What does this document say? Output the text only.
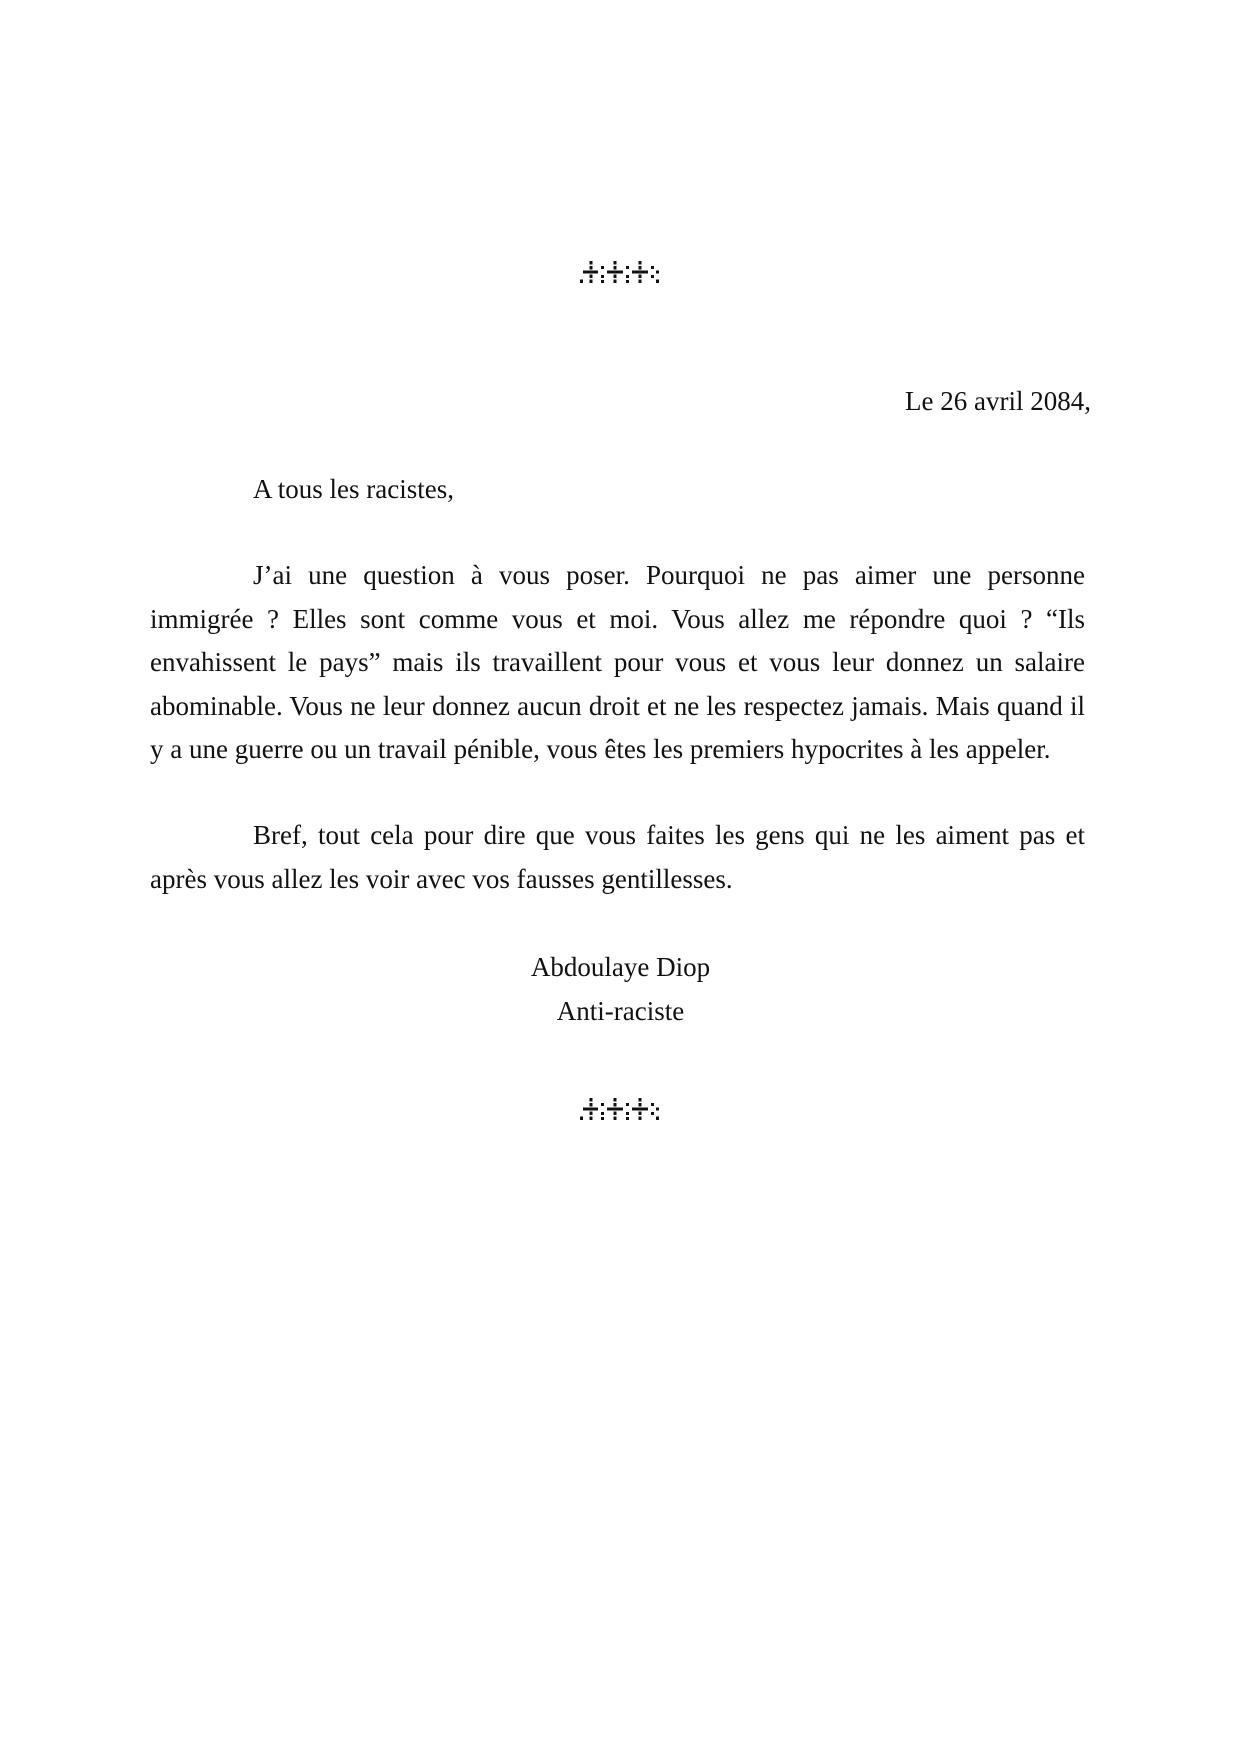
Le 26 avril 2084,
A tous les racistes,

J’ai une question à vous poser. Pourquoi ne pas aimer une personne immigrée ? Elles sont comme vous et moi. Vous allez me répondre quoi ? “Ils envahissent le pays” mais ils travaillent pour vous et vous leur donnez un salaire abominable. Vous ne leur donnez aucun droit et ne les respectez jamais. Mais quand il y a une guerre ou un travail pénible, vous êtes les premiers hypocrites à les appeler.

Bref, tout cela pour dire que vous faites les gens qui ne les aiment pas et après vous allez les voir avec vos fausses gentillesses.

Abdoulaye Diop
Anti-raciste
